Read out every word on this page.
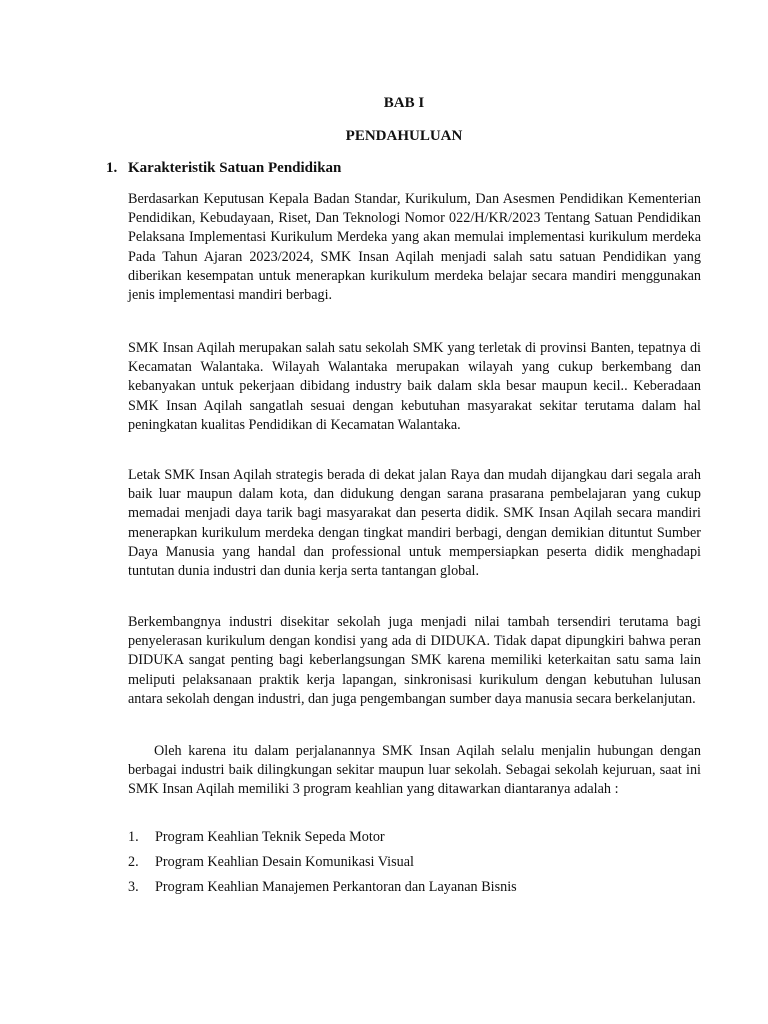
BAB I
PENDAHULUAN
1. Karakteristik Satuan Pendidikan

Berdasarkan Keputusan Kepala Badan Standar, Kurikulum, Dan Asesmen Pendidikan Kementerian Pendidikan, Kebudayaan, Riset, Dan Teknologi Nomor 022/H/KR/2023 Tentang Satuan Pendidikan Pelaksana Implementasi Kurikulum Merdeka yang akan memulai implementasi kurikulum merdeka Pada Tahun Ajaran 2023/2024, SMK Insan Aqilah menjadi salah satu satuan Pendidikan yang diberikan kesempatan untuk menerapkan kurikulum merdeka belajar secara mandiri menggunakan jenis implementasi mandiri berbagi.

SMK Insan Aqilah merupakan salah satu sekolah SMK yang terletak di provinsi Banten, tepatnya di Kecamatan Walantaka. Wilayah Walantaka merupakan wilayah yang cukup berkembang dan kebanyakan untuk pekerjaan dibidang industry baik dalam skla besar maupun kecil.. Keberadaan SMK Insan Aqilah sangatlah sesuai dengan kebutuhan masyarakat sekitar terutama dalam hal peningkatan kualitas Pendidikan di Kecamatan Walantaka.

Letak SMK Insan Aqilah strategis berada di dekat jalan Raya dan mudah dijangkau dari segala arah baik luar maupun dalam kota, dan didukung dengan sarana prasarana pembelajaran yang cukup memadai menjadi daya tarik bagi masyarakat dan peserta didik. SMK Insan Aqilah secara mandiri menerapkan kurikulum merdeka dengan tingkat mandiri berbagi, dengan demikian dituntut Sumber Daya Manusia yang handal dan professional untuk mempersiapkan peserta didik menghadapi tuntutan dunia industri dan dunia kerja serta tantangan global.

Berkembangnya industri disekitar sekolah juga menjadi nilai tambah tersendiri terutama bagi penyelerasan kurikulum dengan kondisi yang ada di DIDUKA. Tidak dapat dipungkiri bahwa peran DIDUKA sangat penting bagi keberlangsungan SMK karena memiliki keterkaitan satu sama lain meliputi pelaksanaan praktik kerja lapangan, sinkronisasi kurikulum dengan kebutuhan lulusan antara sekolah dengan industri, dan juga pengembangan sumber daya manusia secara berkelanjutan.

Oleh karena itu dalam perjalanannya SMK Insan Aqilah selalu menjalin hubungan dengan berbagai industri baik dilingkungan sekitar maupun luar sekolah. Sebagai sekolah kejuruan, saat ini SMK Insan Aqilah memiliki 3 program keahlian yang ditawarkan diantaranya adalah :

1.	Program Keahlian Teknik Sepeda Motor
2.	Program Keahlian Desain Komunikasi Visual
3.	Program Keahlian Manajemen Perkantoran dan Layanan Bisnis
